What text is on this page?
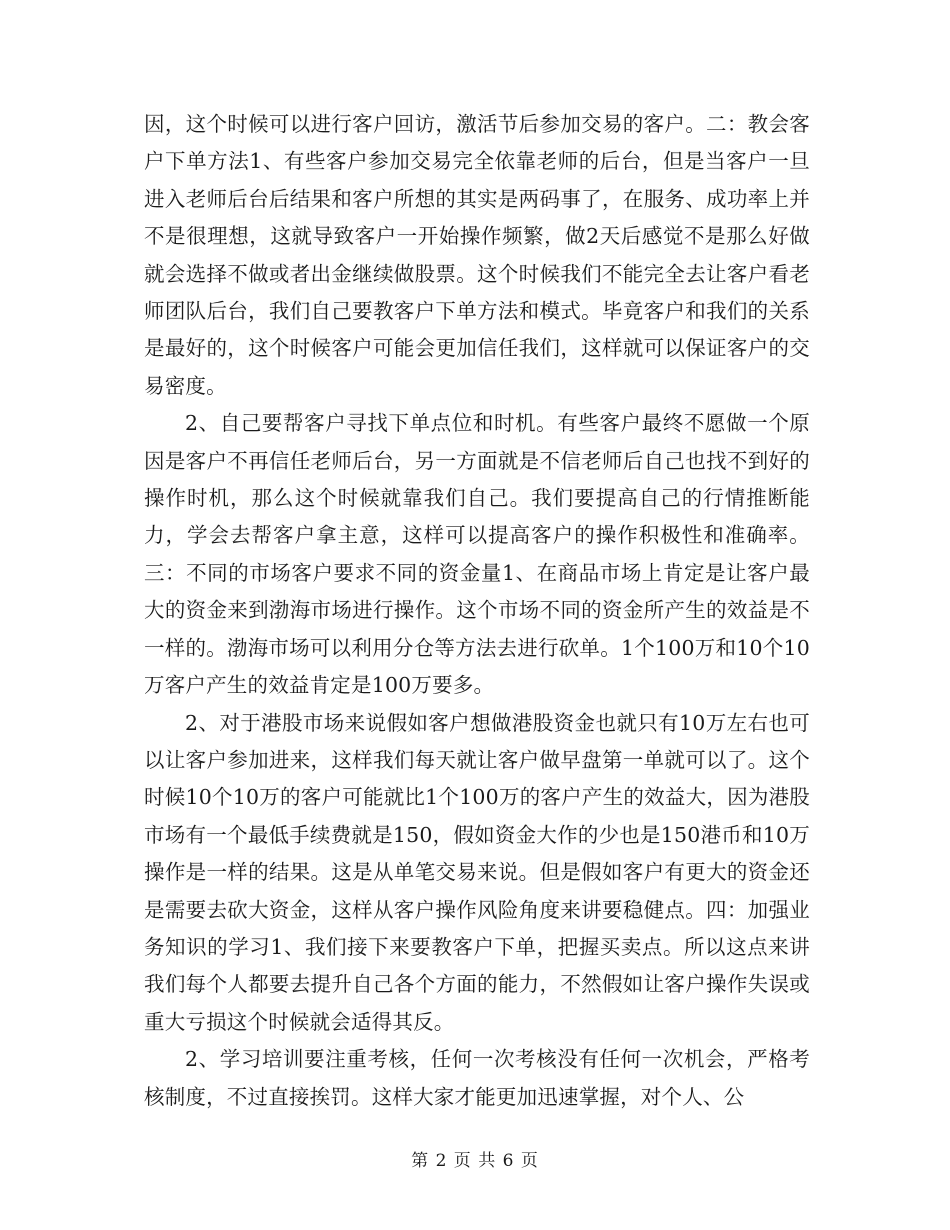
因，这个时候可以进行客户回访，激活节后参加交易的客户。二：教会客户下单方法1、有些客户参加交易完全依靠老师的后台，但是当客户一旦进入老师后台后结果和客户所想的其实是两码事了，在服务、成功率上并不是很理想，这就导致客户一开始操作频繁，做2天后感觉不是那么好做就会选择不做或者出金继续做股票。这个时候我们不能完全去让客户看老师团队后台，我们自己要教客户下单方法和模式。毕竟客户和我们的关系是最好的，这个时候客户可能会更加信任我们，这样就可以保证客户的交易密度。

2、自己要帮客户寻找下单点位和时机。有些客户最终不愿做一个原因是客户不再信任老师后台，另一方面就是不信老师后自己也找不到好的操作时机，那么这个时候就靠我们自己。我们要提高自己的行情推断能力，学会去帮客户拿主意，这样可以提高客户的操作积极性和准确率。三：不同的市场客户要求不同的资金量1、在商品市场上肯定是让客户最大的资金来到渤海市场进行操作。这个市场不同的资金所产生的效益是不一样的。渤海市场可以利用分仓等方法去进行砍单。1个100万和10个10万客户产生的效益肯定是100万要多。

2、对于港股市场来说假如客户想做港股资金也就只有10万左右也可以让客户参加进来，这样我们每天就让客户做早盘第一单就可以了。这个时候10个10万的客户可能就比1个100万的客户产生的效益大，因为港股市场有一个最低手续费就是150，假如资金大作的少也是150港币和10万操作是一样的结果。这是从单笔交易来说。但是假如客户有更大的资金还是需要去砍大资金，这样从客户操作风险角度来讲要稳健点。四：加强业务知识的学习1、我们接下来要教客户下单，把握买卖点。所以这点来讲我们每个人都要去提升自己各个方面的能力，不然假如让客户操作失误或重大亏损这个时候就会适得其反。

2、学习培训要注重考核，任何一次考核没有任何一次机会，严格考核制度，不过直接挨罚。这样大家才能更加迅速掌握，对个人、公

第 2 页 共 6 页
